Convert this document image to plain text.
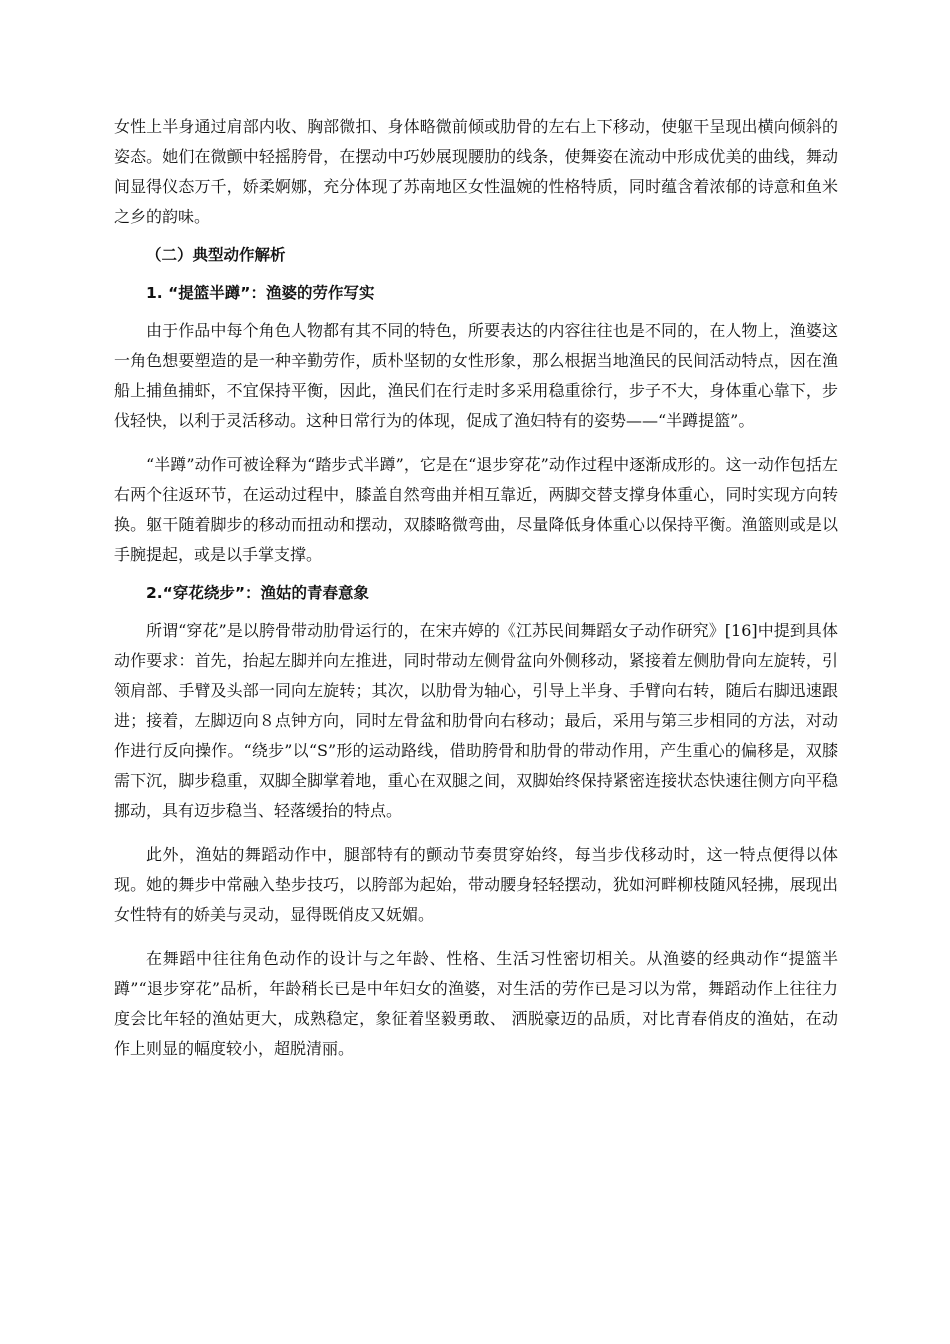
女性上半身通过肩部内收、胸部微扣、身体略微前倾或肋骨的左右上下移动，使躯干呈现出横向倾斜的姿态。她们在微颤中轻摇胯骨，在摆动中巧妙展现腰肋的线条，使舞姿在流动中形成优美的曲线，舞动间显得仪态万千，娇柔婀娜，充分体现了苏南地区女性温婉的性格特质，同时蕴含着浓郁的诗意和鱼米之乡的韵味。

（二）典型动作解析

1. “提篮半蹲”：渔婆的劳作写实

由于作品中每个角色人物都有其不同的特色，所要表达的内容往往也是不同的，在人物上，渔婆这一角色想要塑造的是一种辛勤劳作，质朴坚韧的女性形象，那么根据当地渔民的民间活动特点，因在渔船上捕鱼捕虾，不宜保持平衡，因此，渔民们在行走时多采用稳重徐行，步子不大，身体重心靠下，步伐轻快，以利于灵活移动。这种日常行为的体现，促成了渔妇特有的姿势——“半蹲提篮”。

“半蹲”动作可被诠释为“踏步式半蹲”，它是在“退步穿花”动作过程中逐渐成形的。这一动作包括左右两个往返环节，在运动过程中，膝盖自然弯曲并相互靠近，两脚交替支撑身体重心，同时实现方向转换。躯干随着脚步的移动而扭动和摆动，双膝略微弯曲，尽量降低身体重心以保持平衡。渔篮则或是以手腕提起，或是以手掌支撑。

2.“穿花绕步”：渔姑的青春意象

所谓“穿花”是以胯骨带动肋骨运行的，在宋卉婷的《江苏民间舞蹈女子动作研究》[16]中提到具体动作要求：首先，抬起左脚并向左推进，同时带动左侧骨盆向外侧移动，紧接着左侧肋骨向左旋转，引领肩部、手臂及头部一同向左旋转；其次，以肋骨为轴心，引导上半身、手臂向右转，随后右脚迅速跟进；接着，左脚迈向８点钟方向，同时左骨盆和肋骨向右移动；最后，采用与第三步相同的方法，对动作进行反向操作。“绕步”以“S”形的运动路线，借助胯骨和肋骨的带动作用，产生重心的偏移是，双膝需下沉，脚步稳重，双脚全脚掌着地，重心在双腿之间，双脚始终保持紧密连接状态快速往侧方向平稳挪动，具有迈步稳当、轻落缓抬的特点。

此外，渔姑的舞蹈动作中，腿部特有的颤动节奏贯穿始终，每当步伐移动时，这一特点便得以体现。她的舞步中常融入垫步技巧，以胯部为起始，带动腰身轻轻摆动，犹如河畔柳枝随风轻拂，展现出女性特有的娇美与灵动，显得既俏皮又妩媚。

在舞蹈中往往角色动作的设计与之年龄、性格、生活习性密切相关。从渔婆的经典动作“提篮半蹲”“退步穿花”品析，年龄稍长已是中年妇女的渔婆，对生活的劳作已是习以为常，舞蹈动作上往往力度会比年轻的渔姑更大，成熟稳定，象征着坚毅勇敢、 洒脱豪迈的品质，对比青春俏皮的渔姑，在动作上则显的幅度较小，超脱清丽。
